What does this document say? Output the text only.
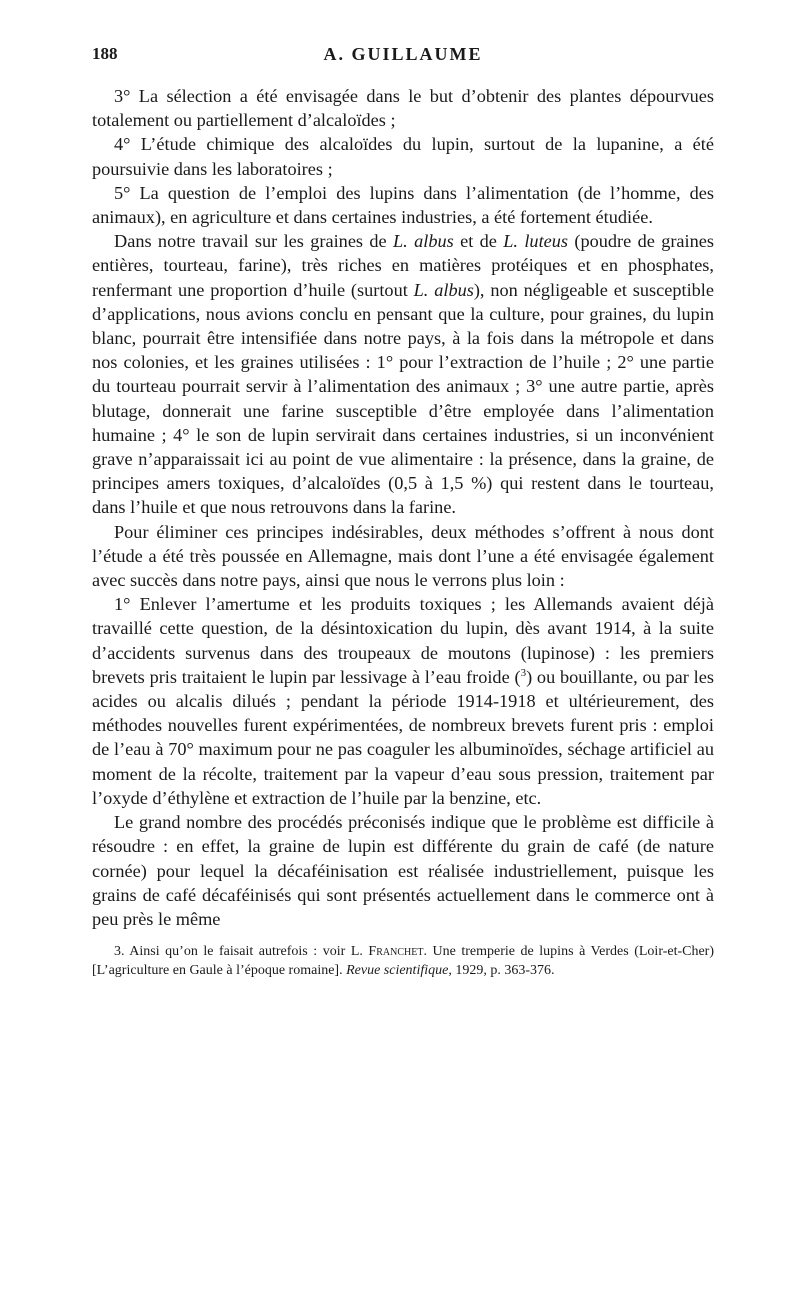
188	A. GUILLAUME

3° La sélection a été envisagée dans le but d’obtenir des plantes dépourvues totalement ou partiellement d’alcaloïdes ;

4° L’étude chimique des alcaloïdes du lupin, surtout de la lupanine, a été poursuivie dans les laboratoires ;

5° La question de l’emploi des lupins dans l’alimentation (de l’homme, des animaux), en agriculture et dans certaines industries, a été fortement étudiée.

Dans notre travail sur les graines de L. albus et de L. luteus (poudre de graines entières, tourteau, farine), très riches en matières protéiques et en phosphates, renfermant une proportion d’huile (surtout L. albus), non négligeable et susceptible d’applications, nous avions conclu en pensant que la culture, pour graines, du lupin blanc, pourrait être intensifiée dans notre pays, à la fois dans la métropole et dans nos colonies, et les graines utilisées : 1° pour l’extraction de l’huile ; 2° une partie du tourteau pourrait servir à l’alimentation des animaux ; 3° une autre partie, après blutage, donnerait une farine susceptible d’être employée dans l’alimentation humaine ; 4° le son de lupin servirait dans certaines industries, si un inconvénient grave n’apparaissait ici au point de vue alimentaire : la présence, dans la graine, de principes amers toxiques, d’alcaloïdes (0,5 à 1,5 %) qui restent dans le tourteau, dans l’huile et que nous retrouvons dans la farine.

Pour éliminer ces principes indésirables, deux méthodes s’offrent à nous dont l’étude a été très poussée en Allemagne, mais dont l’une a été envisagée également avec succès dans notre pays, ainsi que nous le verrons plus loin :

1° Enlever l’amertume et les produits toxiques ; les Allemands avaient déjà travaillé cette question, de la désintoxication du lupin, dès avant 1914, à la suite d’accidents survenus dans des troupeaux de moutons (lupinose) : les premiers brevets pris traitaient le lupin par lessivage à l’eau froide ($^3$) ou bouillante, ou par les acides ou alcalis dilués ; pendant la période 1914-1918 et ultérieurement, des méthodes nouvelles furent expérimentées, de nombreux brevets furent pris : emploi de l’eau à 70° maximum pour ne pas coaguler les albuminoïdes, séchage artificiel au moment de la récolte, traitement par la vapeur d’eau sous pression, traitement par l’oxyde d’éthylène et extraction de l’huile par la benzine, etc.

Le grand nombre des procédés préconisés indique que le problème est difficile à résoudre : en effet, la graine de lupin est différente du grain de café (de nature cornée) pour lequel la décaféinisation est réalisée industriellement, puisque les grains de café décaféinisés qui sont présentés actuellement dans le commerce ont à peu près le même

3. Ainsi qu’on le faisait autrefois : voir L. Franchet. Une tremperie de lupins à Verdes (Loir-et-Cher) [L’agriculture en Gaule à l’époque romaine]. Revue scientifique, 1929, p. 363-376.
